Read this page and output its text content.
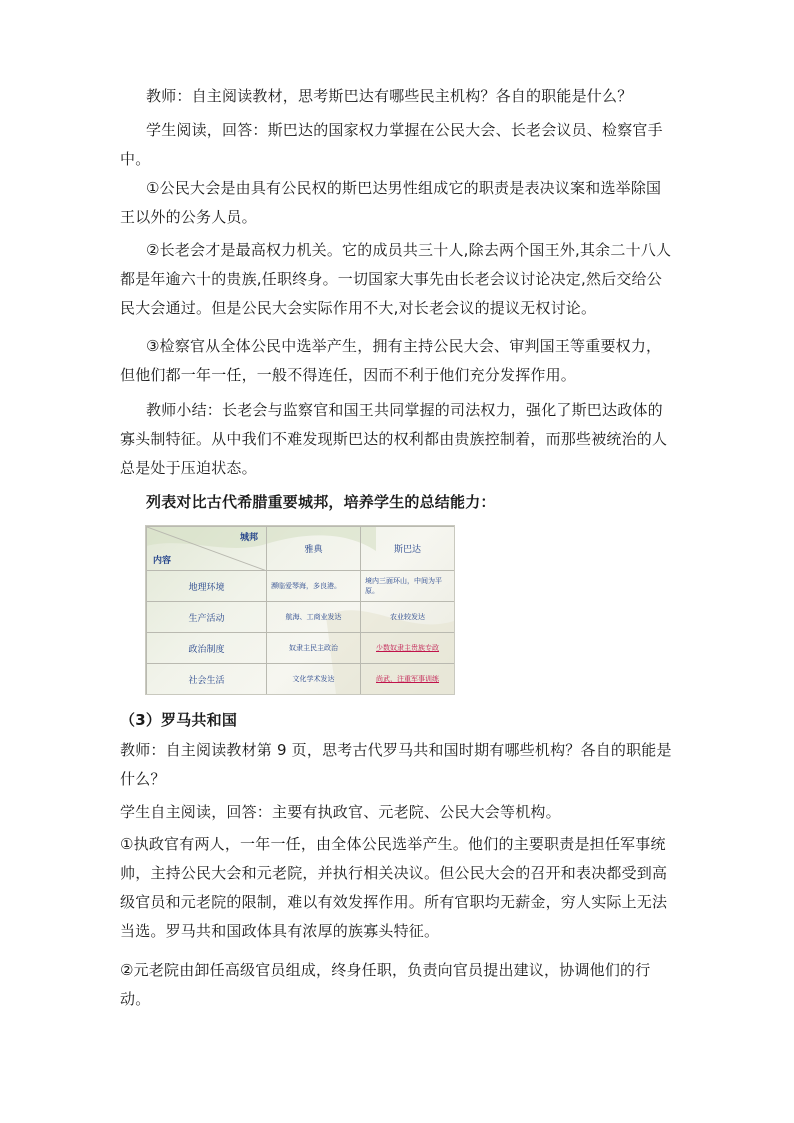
教师：自主阅读教材，思考斯巴达有哪些民主机构？各自的职能是什么？

学生阅读，回答：斯巴达的国家权力掌握在公民大会、长老会议员、检察官手中。

①公民大会是由具有公民权的斯巴达男性组成它的职责是表决议案和选举除国王以外的公务人员。

②长老会才是最高权力机关。它的成员共三十人,除去两个国王外,其余二十八人都是年逾六十的贵族,任职终身。一切国家大事先由长老会议讨论决定,然后交给公民大会通过。但是公民大会实际作用不大,对长老会议的提议无权讨论。

③检察官从全体公民中选举产生，拥有主持公民大会、审判国王等重要权力，但他们都一年一任，一般不得连任，因而不利于他们充分发挥作用。

教师小结：长老会与监察官和国王共同掌握的司法权力，强化了斯巴达政体的寡头制特征。从中我们不难发现斯巴达的权利都由贵族控制着，而那些被统治的人总是处于压迫状态。

列表对比古代希腊重要城邦，培养学生的总结能力：

城邦
内容	雅典	斯巴达
地理环境	濒临爱琴海，多良港。	境内三面环山，中间为平原。
生产活动	航海、工商业发达	农业较发达
政治制度	奴隶主民主政治	少数奴隶主贵族专政
社会生活	文化学术发达	尚武，注重军事训练

（3）罗马共和国

教师：自主阅读教材第 9 页，思考古代罗马共和国时期有哪些机构？各自的职能是什么？

学生自主阅读，回答：主要有执政官、元老院、公民大会等机构。

①执政官有两人，一年一任，由全体公民选举产生。他们的主要职责是担任军事统帅，主持公民大会和元老院，并执行相关决议。但公民大会的召开和表决都受到高级官员和元老院的限制，难以有效发挥作用。所有官职均无薪金，穷人实际上无法当选。罗马共和国政体具有浓厚的族寡头特征。

②元老院由卸任高级官员组成，终身任职，负责向官员提出建议，协调他们的行动。
